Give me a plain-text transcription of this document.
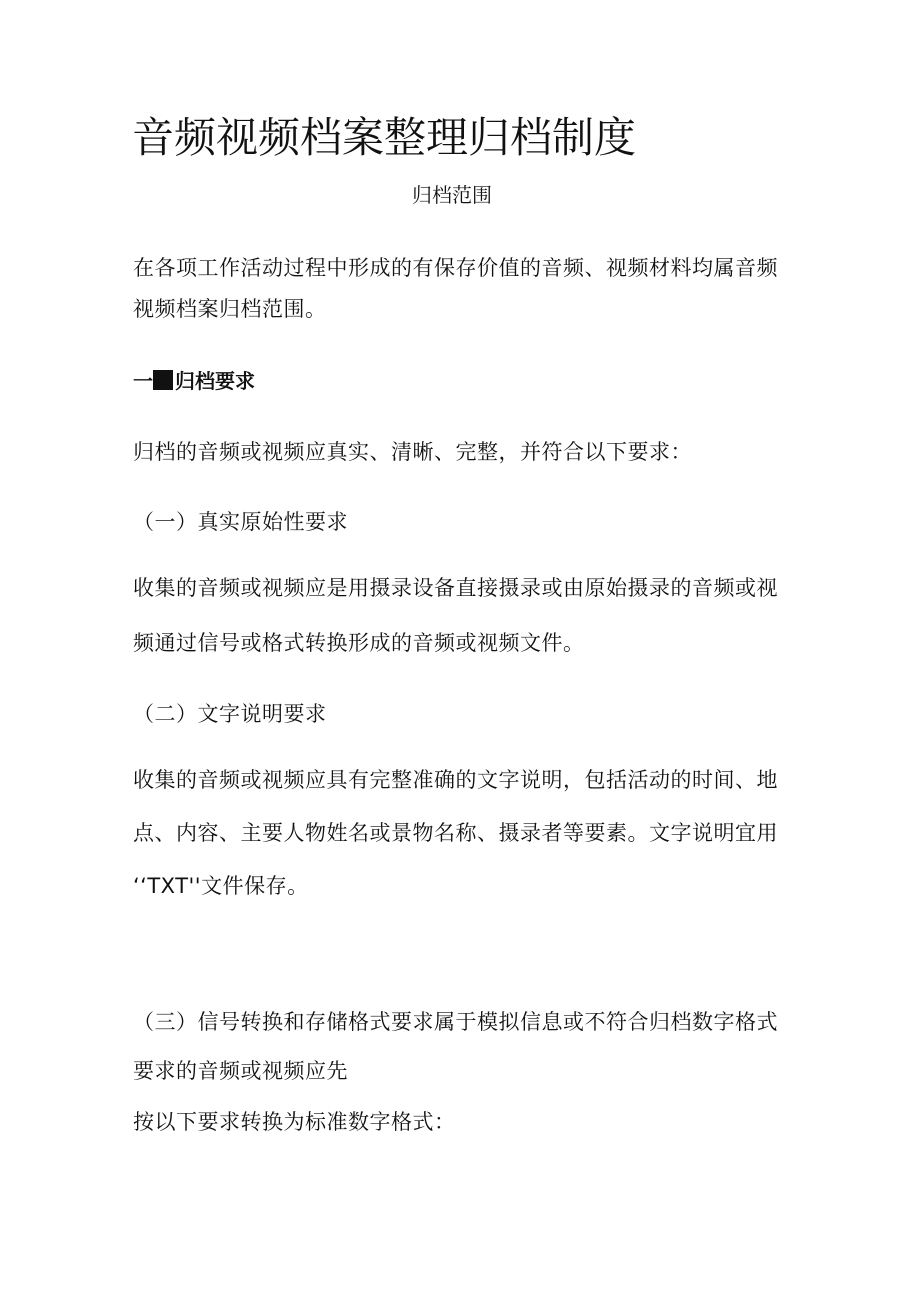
音频视频档案整理归档制度
归档范围
在各项工作活动过程中形成的有保存价值的音频、视频材料均属音频
视频档案归档范围。
一 归档要求
归档的音频或视频应真实、清晰、完整，并符合以下要求：
（一）真实原始性要求
收集的音频或视频应是用摄录设备直接摄录或由原始摄录的音频或视
频通过信号或格式转换形成的音频或视频文件。
（二）文字说明要求
收集的音频或视频应具有完整准确的文字说明，包括活动的时间、地
点、内容、主要人物姓名或景物名称、摄录者等要素。文字说明宜用
‘‘TXT''文件保存。
（三）信号转换和存储格式要求属于模拟信息或不符合归档数字格式
要求的音频或视频应先
按以下要求转换为标准数字格式：
